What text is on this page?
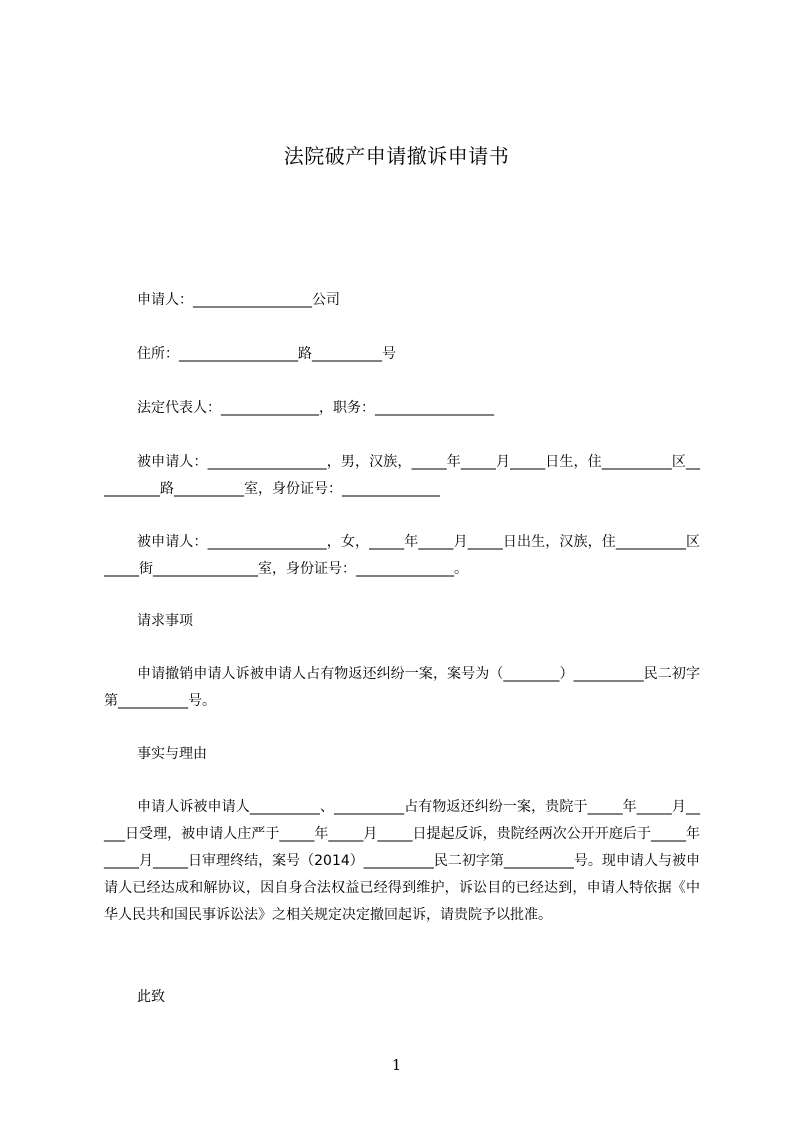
法院破产申请撤诉申请书
申请人：_________________公司
住所：_________________路__________号
法定代表人：______________，职务：_________________
被申请人：_________________，男，汉族，_____年_____月_____日生，住__________区__________路__________室，身份证号：______________
被申请人：_________________，女，_____年_____月_____日出生，汉族，住__________区_____街_______________室，身份证号：______________。
请求事项
申请撤销申请人诉被申请人占有物返还纠纷一案，案号为（________）__________民二初字第__________号。
事实与理由
申请人诉被申请人__________、__________占有物返还纠纷一案，贵院于_____年_____月_____日受理，被申请人庄严于_____年_____月_____日提起反诉，贵院经两次公开开庭后于_____年_____月_____日审理终结，案号（2014）__________民二初字第__________号。现申请人与被申请人已经达成和解协议，因自身合法权益已经得到维护，诉讼目的已经达到，申请人特依据《中华人民共和国民事诉讼法》之相关规定决定撤回起诉，请贵院予以批准。
此致
1
